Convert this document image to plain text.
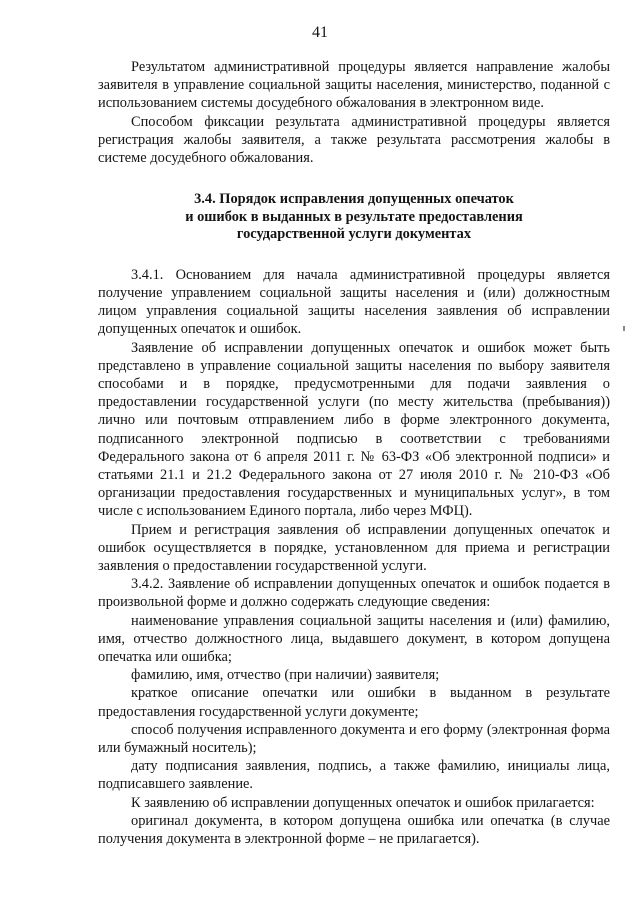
41

Результатом административной процедуры является направление жалобы заявителя в управление социальной защиты населения, министерство, поданной с использованием системы досудебного обжалования в электронном виде.

Способом фиксации результата административной процедуры является регистрация жалобы заявителя, а также результата рассмотрения жалобы в системе досудебного обжалования.

3.4. Порядок исправления допущенных опечаток
и ошибок в выданных в результате предоставления
государственной услуги документах

3.4.1. Основанием для начала административной процедуры является получение управлением социальной защиты населения и (или) должностным лицом управления социальной защиты населения заявления об исправлении допущенных опечаток и ошибок.

Заявление об исправлении допущенных опечаток и ошибок может быть представлено в управление социальной защиты населения по выбору заявителя способами и в порядке, предусмотренными для подачи заявления о предоставлении государственной услуги (по месту жительства (пребывания)) лично или почтовым отправлением либо в форме электронного документа, подписанного электронной подписью в соответствии с требованиями Федерального закона от 6 апреля 2011 г. № 63-ФЗ «Об электронной подписи» и статьями 21.1 и 21.2 Федерального закона от 27 июля 2010 г. № 210-ФЗ «Об организации предоставления государственных и муниципальных услуг», в том числе с использованием Единого портала, либо через МФЦ).

Прием и регистрация заявления об исправлении допущенных опечаток и ошибок осуществляется в порядке, установленном для приема и регистрации заявления о предоставлении государственной услуги.

3.4.2. Заявление об исправлении допущенных опечаток и ошибок подается в произвольной форме и должно содержать следующие сведения:

наименование управления социальной защиты населения и (или) фамилию, имя, отчество должностного лица, выдавшего документ, в котором допущена опечатка или ошибка;

фамилию, имя, отчество (при наличии) заявителя;

краткое описание опечатки или ошибки в выданном в результате предоставления государственной услуги документе;

способ получения исправленного документа и его форму (электронная форма или бумажный носитель);

дату подписания заявления, подпись, а также фамилию, инициалы лица, подписавшего заявление.

К заявлению об исправлении допущенных опечаток и ошибок прилагается:

оригинал документа, в котором допущена ошибка или опечатка (в случае получения документа в электронной форме – не прилагается).
